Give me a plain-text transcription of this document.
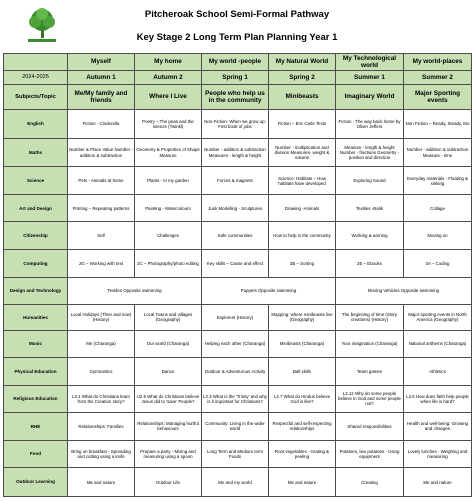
Pitcheroak School Semi-Formal Pathway
Key Stage 2 Long Term Plan Planning Year 1
	Myself	My home	My world -people	My Natural World	My Technological world	My world-places
2024-2025	Autumn 1	Autumn 2	Spring 1	Spring 2	Summer 1	Summer 2
Subjects/Topic	Me/My family and friends	Where I Live	People who help us in the community	Minibeasts	Imaginary World	Major Sporting events
English	Fiction - Cinderella	Poetry – The peas and the sneeze (Twinkl)	Non-Fiction- When we grow up: First book of jobs	Fiction – Eric Carle Texts	Fiction - The way back home by Oliver Jeffers	Non Fiction – Ready, Steady, Mo
Maths	Number & Place Value Number - addition & subtraction	Geometry & Properties of Shape Measure	Number - addition & subtraction Measures - length & height	Number - multiplication and division Measures- weight & volume	Measure - length & height Number - fractions Geometry - position and direction	Number - addition & subtraction Measure - time
Science	Pets - Animals at home	Plants - In my garden	Forces & magnets	Science: Habitats – How habitats have developed	Exploring Sound	Everyday materials - Floating & sinking
Art and Design	Printing – Repeating patterns	Painting - Watercolours	Junk Modelling - Sculptures	Drawing -Animals	Textiles -Batik	Collage
Citizenship	Self	Challenges	Safe communities	How to help in the community	Working & earning	Moving on
Computing	2G – Working with text	2C – Photography/photo editing	Key skills – Cause and effect	3B – Sorting	2E – Ebooks	3A – Coding
Design and Technology	Textiles Opposite swimming		Puppets Opposite swimming		Moving Vehicles Opposite swimming	
Humanities	Local Holidays (Then and now) (History)	Local Towns and villages (Geography)	Explorers (History)	Mapping: where minibeasts live (Geography)	The beginning of time (Story creations) (History)	Major sporting events in North America (Geography)
Music	Me (Charanga)	Our world (Charanga)	Helping each other (Charanga)	Minibeasts (Charanga)	Your imagination (Charanga)	National anthems (Charanga)
Physical Education	Gymnastics	Dance	Outdoor & Adventurous Activity	Ball skills	Team games	Athletics
Religious Education	L2.1 What do Christians learn from the Creation story?	U2.5 What do Christians believe Jesus did to 'save' People?	L2.3 What is the 'Trinity' and why is it important for Christians?	L2.7 What do Hindus believe God is like?	L2.12 Why do some people believe in God and some people not?	L2.6 How does faith help people when life is hard?
RHE	Relationships: Families	Relationships: Managing hurtful behaviours	Community: Living in the wider world	Respectful and self-respecting relationships	Shared responsibilities	Health and well-being: Growing and changes
Food	Bring on breakfast - Spreading and cutting using a knife	Prepare a party - Mixing and measuring using a spoon	Long Term and Medium term Foods	Root vegetables - Grating & peeling	Potatoes, two potatoes - Using equipment	Lovely lunches - Weighing and measuring
Outdoor Learning	Me and nature	Outdoor Life	Me and my world	Me and nature	Creating	Me and nature
